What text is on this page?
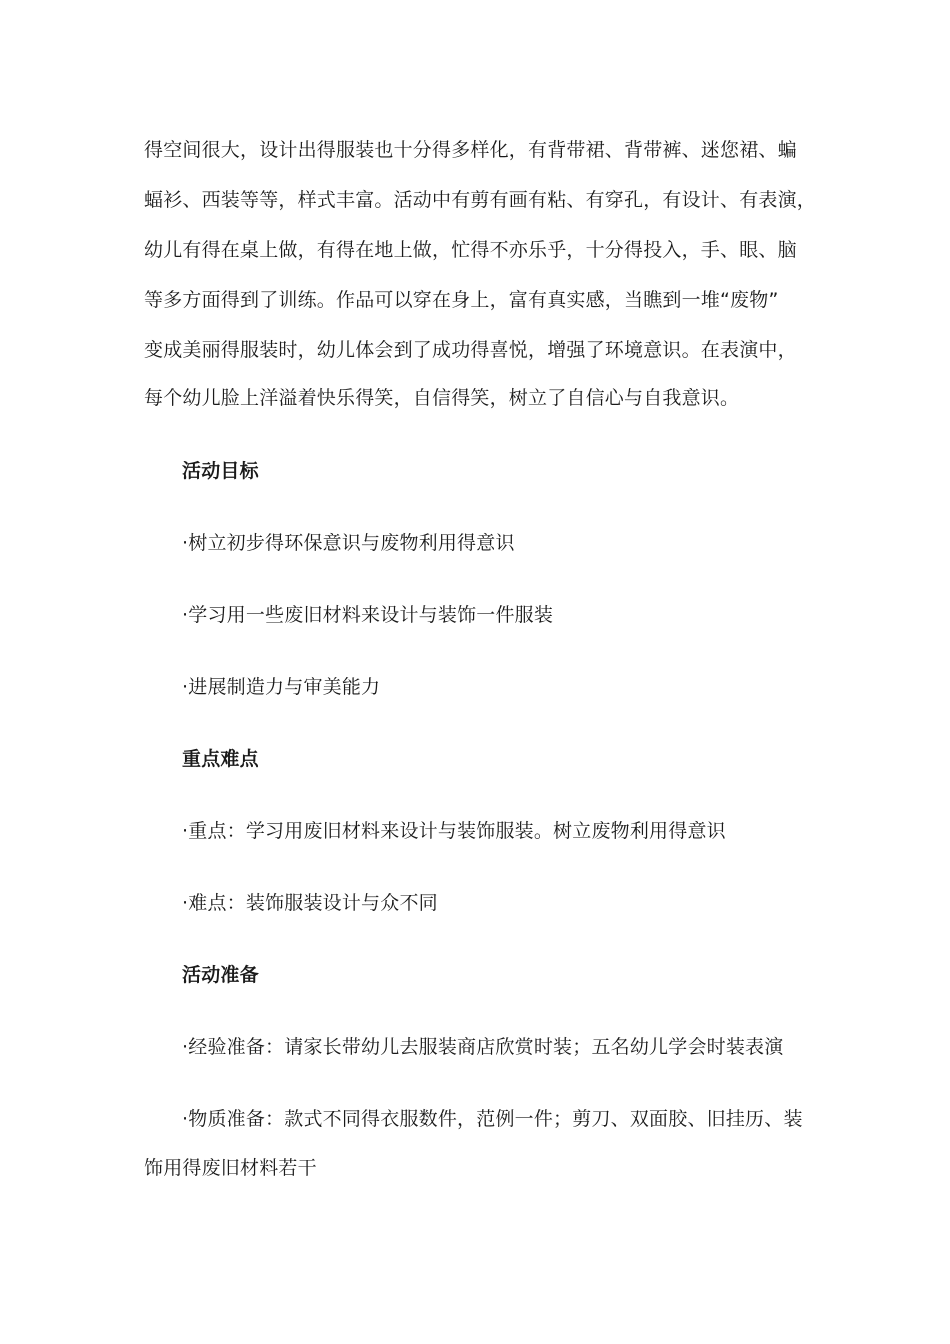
得空间很大，设计出得服装也十分得多样化，有背带裙、背带裤、迷您裙、蝙
蝠衫、西装等等，样式丰富。活动中有剪有画有粘、有穿孔，有设计、有表演，
幼儿有得在桌上做，有得在地上做，忙得不亦乐乎，十分得投入，手、眼、脑
等多方面得到了训练。作品可以穿在身上，富有真实感，当瞧到一堆“废物”
变成美丽得服装时，幼儿体会到了成功得喜悦，增强了环境意识。在表演中，
每个幼儿脸上洋溢着快乐得笑，自信得笑，树立了自信心与自我意识。
活动目标
·树立初步得环保意识与废物利用得意识
·学习用一些废旧材料来设计与装饰一件服装
·进展制造力与审美能力
重点难点
·重点：学习用废旧材料来设计与装饰服装。树立废物利用得意识
·难点：装饰服装设计与众不同
活动准备
·经验准备：请家长带幼儿去服装商店欣赏时装；五名幼儿学会时装表演
·物质准备：款式不同得衣服数件，范例一件；剪刀、双面胶、旧挂历、装
饰用得废旧材料若干
